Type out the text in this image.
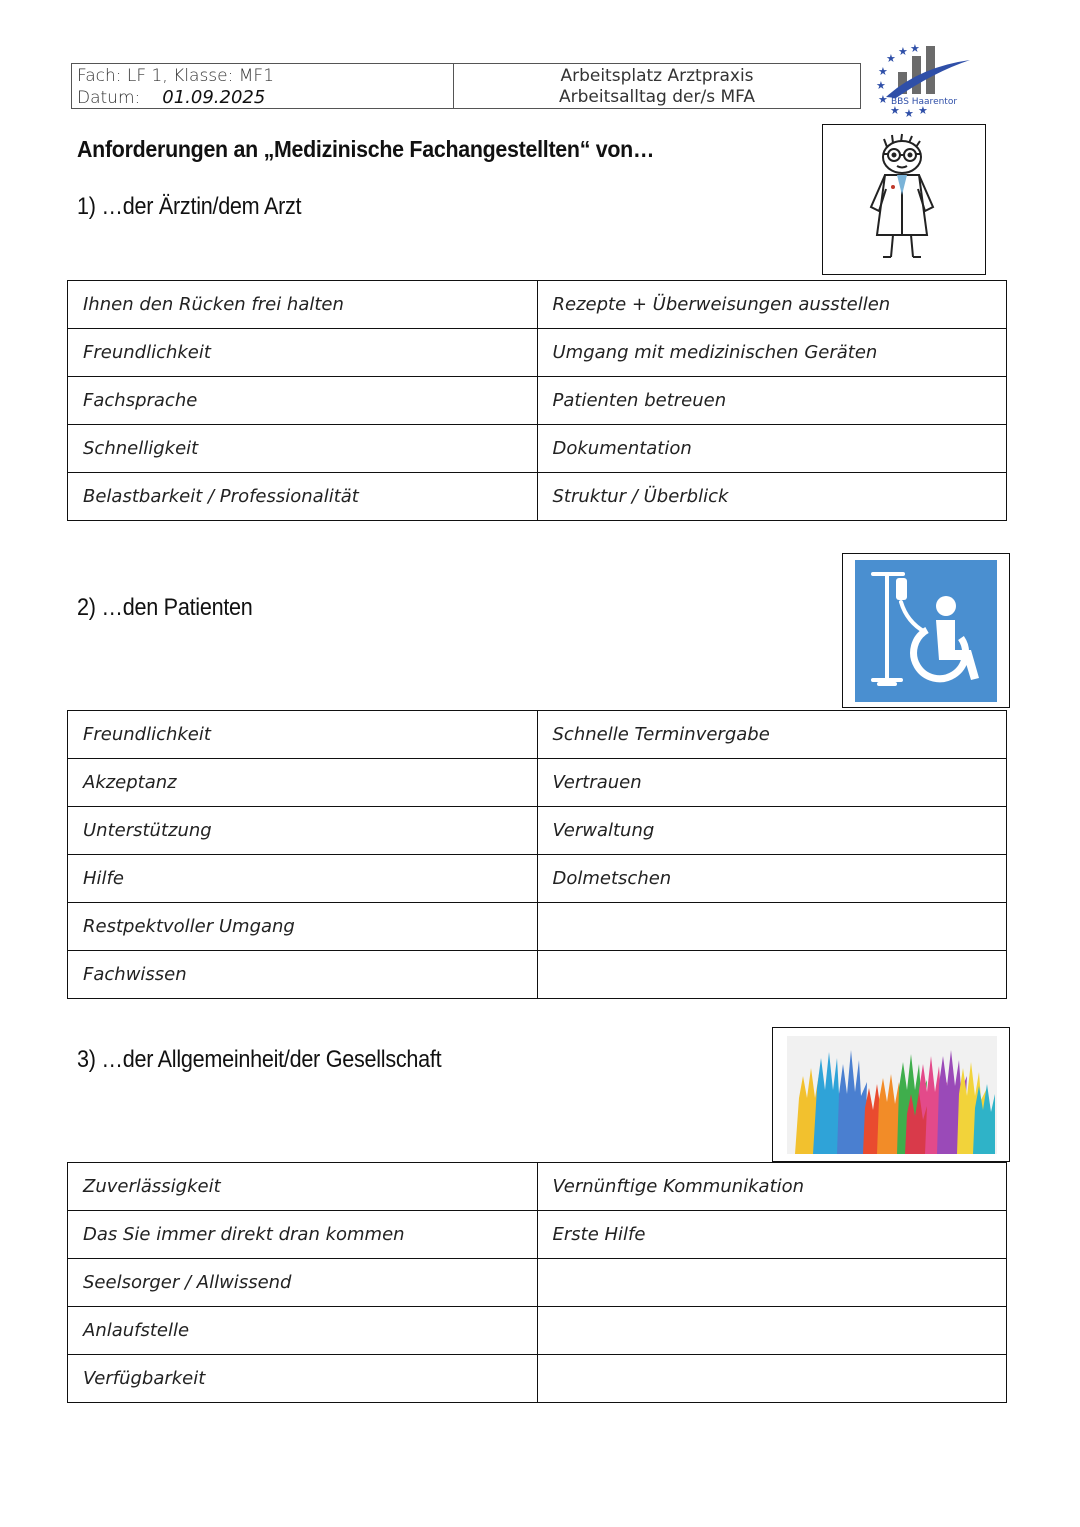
Fach: LF 1, Klasse: MF1
Datum: 01.09.2025
Arbeitsplatz Arztpraxis
Arbeitsalltag der/s MFA
★
★ ★
★
★
★
★ ★ ★
BBS Haarentor
Anforderungen an „Medizinische Fachangestellten“ von…
1) …der Ärztin/dem Arzt
Ihnen den Rücken frei halten	Rezepte + Überweisungen ausstellen
Freundlichkeit	Umgang mit medizinischen Geräten
Fachsprache	Patienten betreuen
Schnelligkeit	Dokumentation
Belastbarkeit / Professionalität	Struktur / Überblick
2) …den Patienten
Freundlichkeit	Schnelle Terminvergabe
Akzeptanz	Vertrauen
Unterstützung	Verwaltung
Hilfe	Dolmetschen
Restpektvoller Umgang	
Fachwissen	
3) …der Allgemeinheit/der Gesellschaft
Zuverlässigkeit	Vernünftige Kommunikation
Das Sie immer direkt dran kommen	Erste Hilfe
Seelsorger / Allwissend	
Anlaufstelle	
Verfügbarkeit	
